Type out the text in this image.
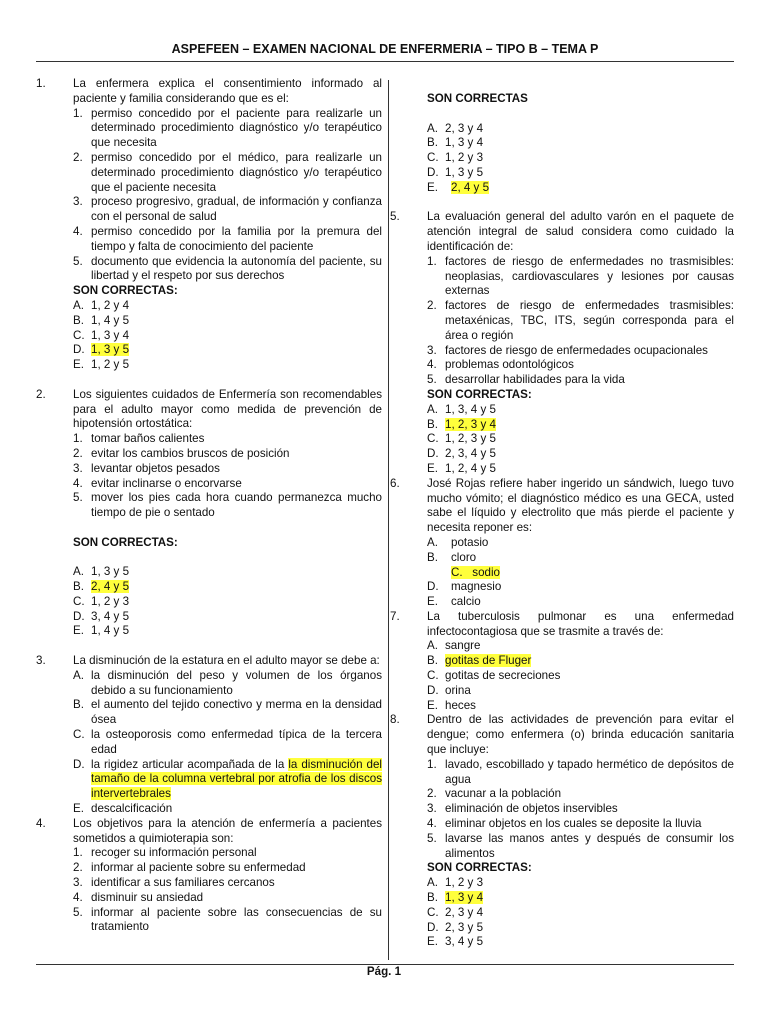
ASPEFEEN – EXAMEN NACIONAL DE ENFERMERIA – TIPO B – TEMA P
1. La enfermera explica el consentimiento informado al paciente y familia considerando que es el:
1. permiso concedido por el paciente para realizarle un determinado procedimiento diagnóstico y/o terapéutico que necesita
2. permiso concedido por el médico, para realizarle un determinado procedimiento diagnóstico y/o terapéutico que el paciente necesita
3. proceso progresivo, gradual, de información y confianza con el personal de salud
4. permiso concedido por la familia por la premura del tiempo y falta de conocimiento del paciente
5. documento que evidencia la autonomía del paciente, su libertad y el respeto por sus derechos
SON CORRECTAS:
A. 1, 2 y 4
B. 1, 4 y 5
C. 1, 3 y 4
D. 1, 3 y 5
E. 1, 2 y 5
2. Los siguientes cuidados de Enfermería son recomendables para el adulto mayor como medida de prevención de hipotensión ortostática:
1. tomar baños calientes
2. evitar los cambios bruscos de posición
3. levantar objetos pesados
4. evitar inclinarse o encorvarse
5. mover los pies cada hora cuando permanezca mucho tiempo de pie o sentado
SON CORRECTAS:
A. 1, 3 y 5
B. 2, 4 y 5
C. 1, 2 y 3
D. 3, 4 y 5
E. 1, 4 y 5
3. La disminución de la estatura en el adulto mayor se debe a:
A. la disminución del peso y volumen de los órganos debido a su funcionamiento
B. el aumento del tejido conectivo y merma en la densidad ósea
C. la osteoporosis como enfermedad típica de la tercera edad
D. la rigidez articular acompañada de la la disminución del tamaño de la columna vertebral por atrofia de los discos intervertebrales
E. descalcificación
4. Los objetivos para la atención de enfermería a pacientes sometidos a quimioterapia son:
1. recoger su información personal
2. informar al paciente sobre su enfermedad
3. identificar a sus familiares cercanos
4. disminuir su ansiedad
5. informar al paciente sobre las consecuencias de su tratamiento
SON CORRECTAS
A. 2, 3 y 4
B. 1, 3 y 4
C. 1, 2 y 3
D. 1, 3 y 5
E. 2, 4 y 5
5. La evaluación general del adulto varón en el paquete de atención integral de salud considera como cuidado la identificación de:
1. factores de riesgo de enfermedades no trasmisibles: neoplasias, cardiovasculares y lesiones por causas externas
2. factores de riesgo de enfermedades trasmisibles: metaxénicas, TBC, ITS, según corresponda para el área o región
3. factores de riesgo de enfermedades ocupacionales
4. problemas odontológicos
5. desarrollar habilidades para la vida
SON CORRECTAS:
A. 1, 3, 4 y 5
B. 1, 2, 3 y 4
C. 1, 2, 3 y 5
D. 2, 3, 4 y 5
E. 1, 2, 4 y 5
6. José Rojas refiere haber ingerido un sándwich, luego tuvo mucho vómito; el diagnóstico médico es una GECA, usted sabe el líquido y electrolito que más pierde el paciente y necesita reponer es:
A. potasio
B. cloro
C. sodio
D. magnesio
E. calcio
7. La tuberculosis pulmonar es una enfermedad infectocontagiosa que se trasmite a través de:
A. sangre
B. gotitas de Fluger
C. gotitas de secreciones
D. orina
E. heces
8. Dentro de las actividades de prevención para evitar el dengue; como enfermera (o) brinda educación sanitaria que incluye:
1. lavado, escobillado y tapado hermético de depósitos de agua
2. vacunar a la población
3. eliminación de objetos inservibles
4. eliminar objetos en los cuales se deposite la lluvia
5. lavarse las manos antes y después de consumir los alimentos
SON CORRECTAS:
A. 1, 2 y 3
B. 1, 3 y 4
C. 2, 3 y 4
D. 2, 3 y 5
E. 3, 4 y 5
Pág. 1
